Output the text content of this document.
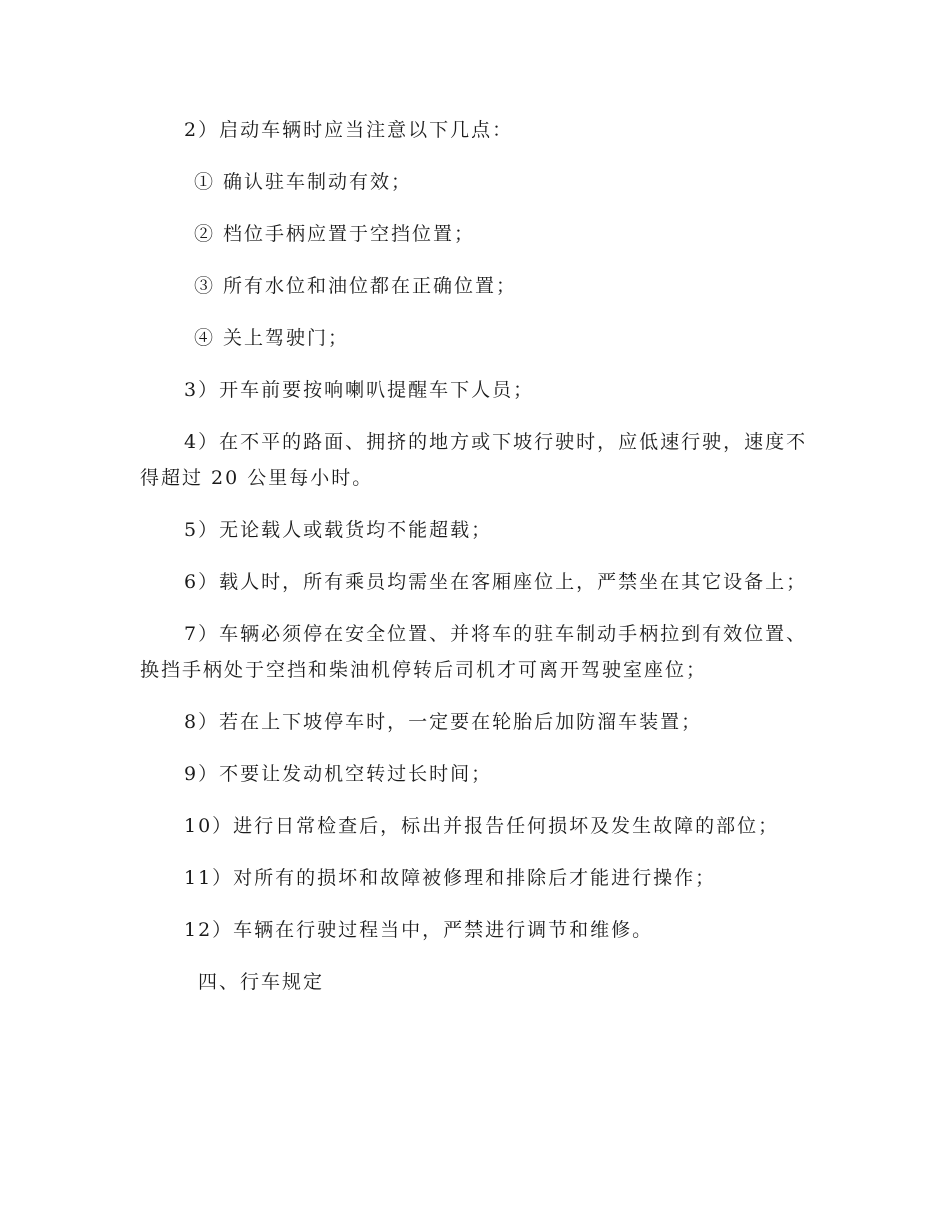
2）启动车辆时应当注意以下几点：

① 确认驻车制动有效；

② 档位手柄应置于空挡位置；

③ 所有水位和油位都在正确位置；

④ 关上驾驶门；

3）开车前要按响喇叭提醒车下人员；

4）在不平的路面、拥挤的地方或下坡行驶时，应低速行驶，速度不得超过 20 公里每小时。

5）无论载人或载货均不能超载；

6）载人时，所有乘员均需坐在客厢座位上，严禁坐在其它设备上；

7）车辆必须停在安全位置、并将车的驻车制动手柄拉到有效位置、换挡手柄处于空挡和柴油机停转后司机才可离开驾驶室座位；

8）若在上下坡停车时，一定要在轮胎后加防溜车装置；

9）不要让发动机空转过长时间；

10）进行日常检查后，标出并报告任何损坏及发生故障的部位；

11）对所有的损坏和故障被修理和排除后才能进行操作；

12）车辆在行驶过程当中，严禁进行调节和维修。

四、行车规定
